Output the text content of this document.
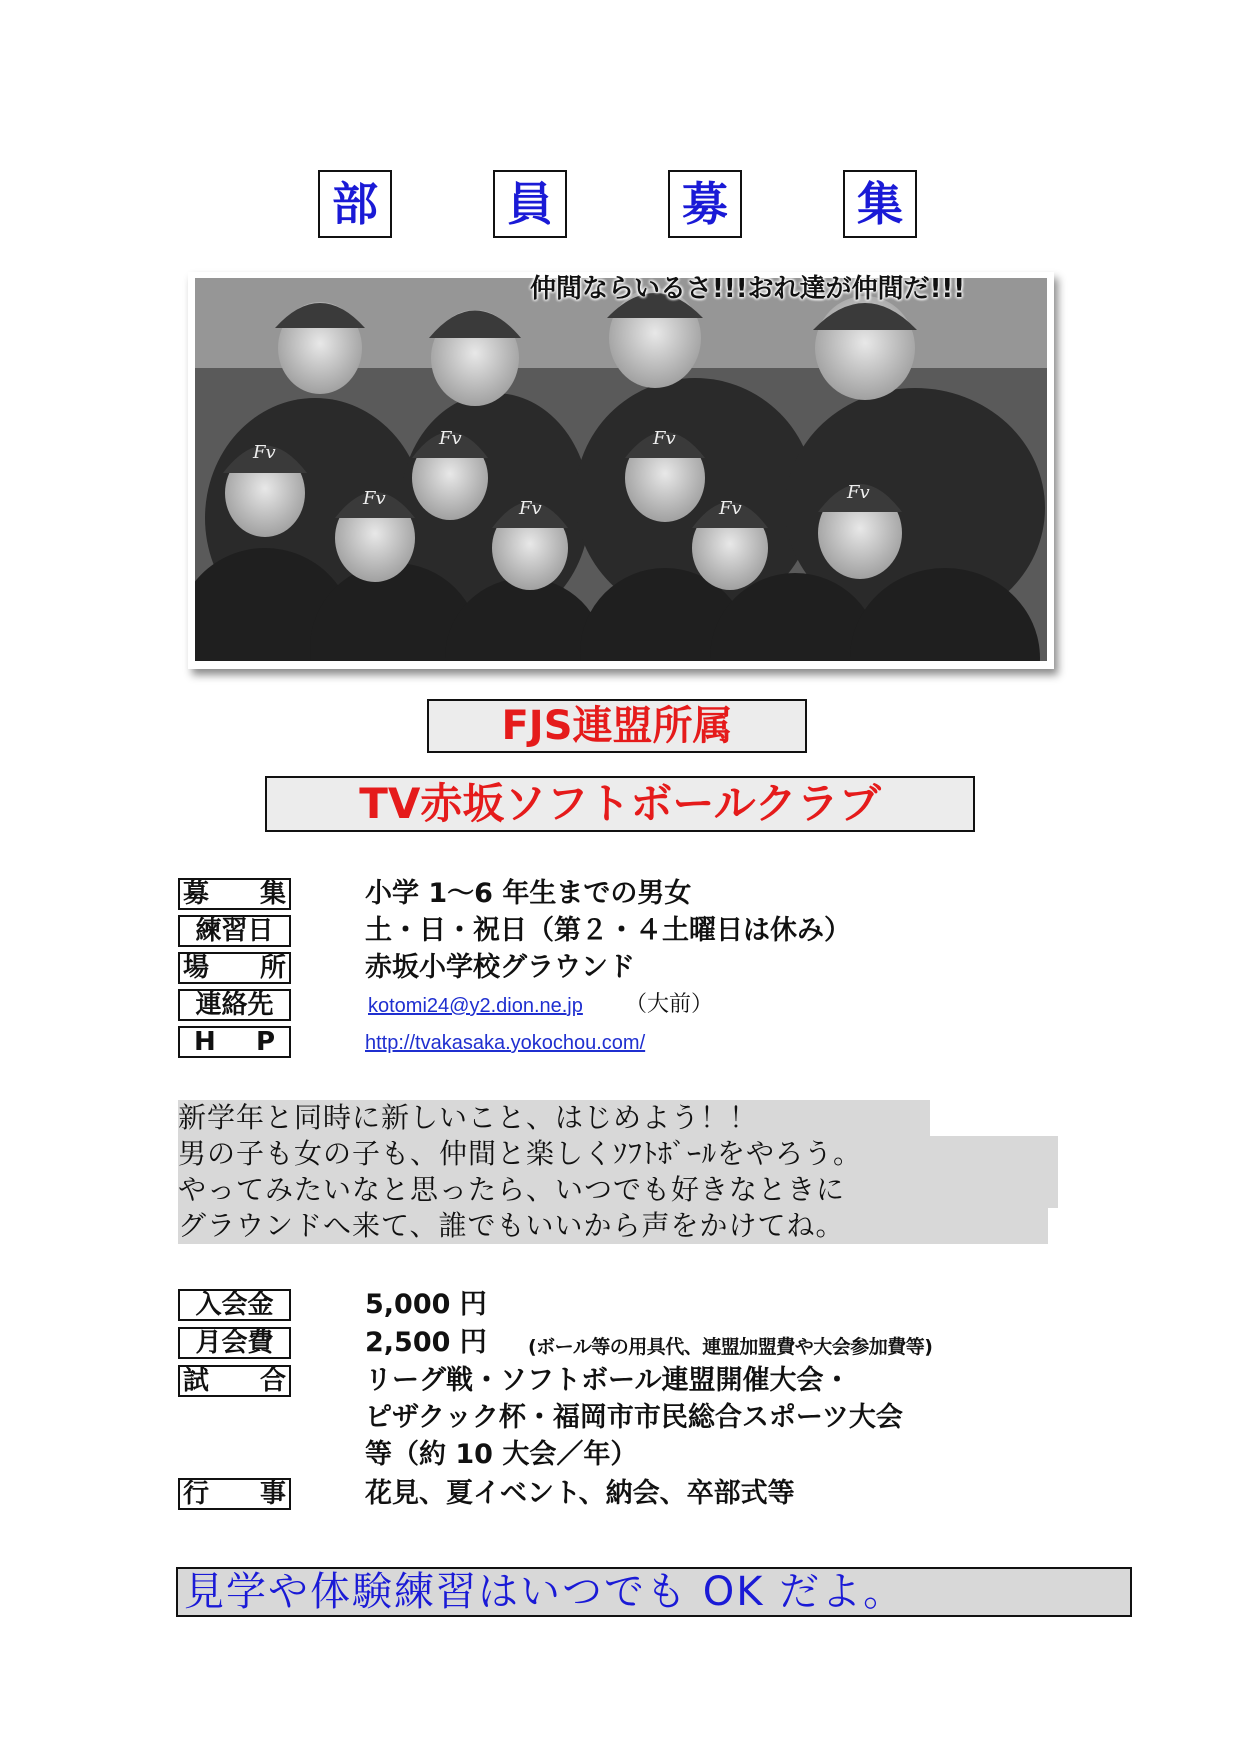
部	員	募	集
Fv
Fv
Fv
Fv
Fv
Fv
Fv
仲間ならいるさ!!!おれ達が仲間だ!!!
FJS連盟所属
TV赤坂ソフトボールクラブ
募 集	小学 1～6 年生までの男女
練習日	土・日・祝日（第２・４土曜日は休み）
場 所	赤坂小学校グラウンド
連絡先	kotomi24@y2.dion.ne.jp （大前）
H P	http://tvakasaka.yokochou.com/
新学年と同時に新しいこと、はじめよう！！
男の子も女の子も、仲間と楽しくｿﾌﾄﾎﾞｰﾙをやろう。
やってみたいなと思ったら、いつでも好きなときに
グラウンドへ来て、誰でもいいから声をかけてね。
入会金	5,000 円
月会費	2,500 円 (ボール等の用具代、連盟加盟費や大会参加費等)
試 合	リーグ戦・ソフトボール連盟開催大会・
ピザクック杯・福岡市市民総合スポーツ大会
等（約 10 大会／年）
行 事	花見、夏イベント、納会、卒部式等
見学や体験練習はいつでも OK だよ。
